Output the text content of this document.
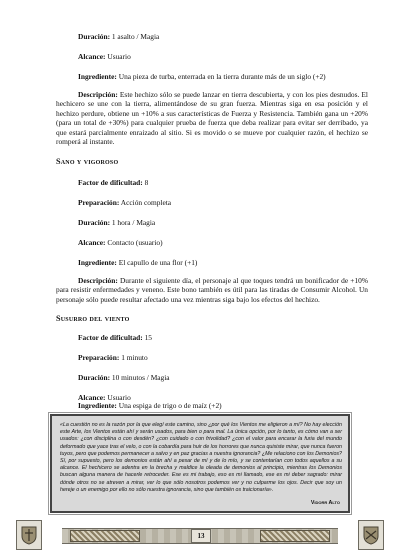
Duración: 1 asalto / Magia
Alcance: Usuario
Ingrediente: Una pieza de turba, enterrada en la tierra durante más de un siglo (+2)
Descripción: Este hechizo sólo se puede lanzar en tierra descubierta, y con los pies desnudos. El hechicero se une con la tierra, alimentándose de su gran fuerza. Mientras siga en esa posición y el hechizo perdure, obtiene un +10% a sus características de Fuerza y Resistencia. También gana un +20% (para un total de +30%) para cualquier prueba de fuerza que deba realizar para evitar ser derribado, ya que estará parcialmente enraizado al sitio. Si es movido o se mueve por cualquier razón, el hechizo se romperá al instante.
Sano y vigoroso
Factor de dificultad: 8
Preparación: Acción completa
Duración: 1 hora / Magia
Alcance: Contacto (usuario)
Ingrediente: El capullo de una flor (+1)
Descripción: Durante el siguiente día, el personaje al que toques tendrá un bonificador de +10% para resistir enfermedades y veneno. Este bono también es útil para las tiradas de Consumir Alcohol. Un personaje sólo puede resultar afectado una vez mientras siga bajo los efectos del hechizo.
Susurro del viento
Factor de dificultad: 15
Preparación: 1 minuto
Duración: 10 minutos / Magia
Alcance: Usuario
Ingrediente: Una espiga de trigo o de maíz (+2)
«La cuestión no es la razón por la que elegí este camino, sino ¿por qué los Vientos me eligieron a mí? No hay elección este Arte, los Vientos están ahí y serán usados, para bien o para mal. La única opción, por lo tanto, es cómo van a ser usados: ¿con disciplina o con desdén? ¿con cuidado o con frivolidad? ¿con el valor para encarar la furia del mundo deformado que yace tras el velo, o con la cobardía para huir de los horrores que nunca quisiste mirar, que nunca fueron tuyos, pero que podemos permanecer a salvo y en paz gracias a nuestra ignorancia? ¿Me relaciono con los Demonios? Sí, por supuesto, pero los demonios están ahí a pesar de mí y de lo mío, y se contentarían con todos aquellos a su alcance. El hechicero se adentra en la brecha y maldice la oleada de demonios al principio, mientras los Demonios buscan alguna manera de hacerle retroceder. Ese es mi trabajo, eso es mi llamado, ese es mi deber sagrado: mirar dónde otros no se atreven a mirar, ver lo que sólo nosotros podemos ver y no culparme los ojos. Decir que soy un hereje o un enemigo por ello no sólo nuestra ignorancia, sino que también os traicionaría».
Vidorr Alto
13
